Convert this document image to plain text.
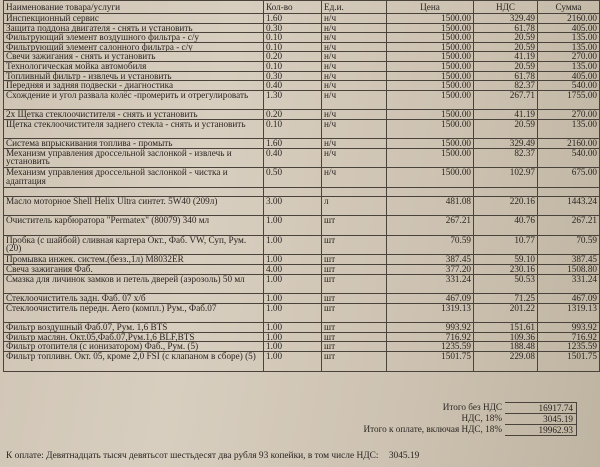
Наименование товара/услуги	Кол-во	Ед.и.	Цена	НДС	Сумма
Инспекционный сервис	1.60	н/ч	1500.00	329.49	2160.00
Защита поддона двигателя - снять и установить	0.30	н/ч	1500.00	61.78	405.00
Фильтрующий элемент воздушного фильтра - с/у	0.10	н/ч	1500.00	20.59	135.00
Фильтрующий элемент салонного фильтра - с/у	0.10	н/ч	1500.00	20.59	135.00
Свечи зажигания - снять и установить	0.20	н/ч	1500.00	41.19	270.00
Технологическая мойка автомобиля	0.10	н/ч	1500.00	20.59	135.00
Топливный фильтр - извлечь и установить	0.30	н/ч	1500.00	61.78	405.00
Передняя и задняя подвески - диагностика	0.40	н/ч	1500.00	82.37	540.00
Схождение и угол развала колёс -промерить и отрегулировать	1.30	н/ч	1500.00	267.71	1755.00
2х Щетка стеклоочистителя - снять и установить	0.20	н/ч	1500.00	41.19	270.00
Щетка стеклоочистителя заднего стекла - снять и установить	0.10	н/ч	1500.00	20.59	135.00
Система впрыскивания топлива - промыть	1.60	н/ч	1500.00	329.49	2160.00
Механизм управления дроссельной заслонкой - извлечь и установить	0.40	н/ч	1500.00	82.37	540.00
Механизм управления дроссельной заслонкой - чистка и адаптация	0.50	н/ч	1500.00	102.97	675.00

Масло моторное Shell Helix Ultra синтет. 5W40 (209л)	3.00	л	481.08	220.16	1443.24
Очиститель карбюратора "Permatex" (80079) 340 мл	1.00	шт	267.21	40.76	267.21
Пробка (с шайбой) сливная картера Окт., Фаб. VW, Суп, Рум. (20)	1.00	шт	70.59	10.77	70.59
Промывка инжек. систем.(безз.,1л) M8032ER	1.00	шт	387.45	59.10	387.45
Свеча зажигания Фаб.	4.00	шт	377.20	230.16	1508.80
Смазка для личинок замков и петель дверей (аэрозоль) 50 мл	1.00	шт	331.24	50.53	331.24
Стеклоочиститель задн. Фаб. 07 х/б	1.00	шт	467.09	71.25	467.09
Стеклоочиститель передн. Aero (компл.) Рум., Фаб.07	1.00	шт	1319.13	201.22	1319.13
Фильтр воздушный Фаб.07, Рум. 1,6 BTS	1.00	шт	993.92	151.61	993.92
Фильтр маслян. Окт.05,Фаб.07,Рум.1,6 BLF,BTS	1.00	шт	716.92	109.36	716.92
Фильтр отопителя (с ионизатором) Фаб., Рум. (5)	1.00	шт	1235.59	188.48	1235.59
Фильтр топливн. Окт. 05, кроме 2,0 FSI (с клапаном в сборе) (5)	1.00	шт	1501.75	229.08	1501.75
Итого без НДС	16917.74
НДС, 18%	3045.19
Итого к оплате, включая НДС, 18%	19962.93
К оплате: Девятнадцать тысяч девятьсот шестьдесят два рубля 93 копейки, в том числе НДС: 3045.19
